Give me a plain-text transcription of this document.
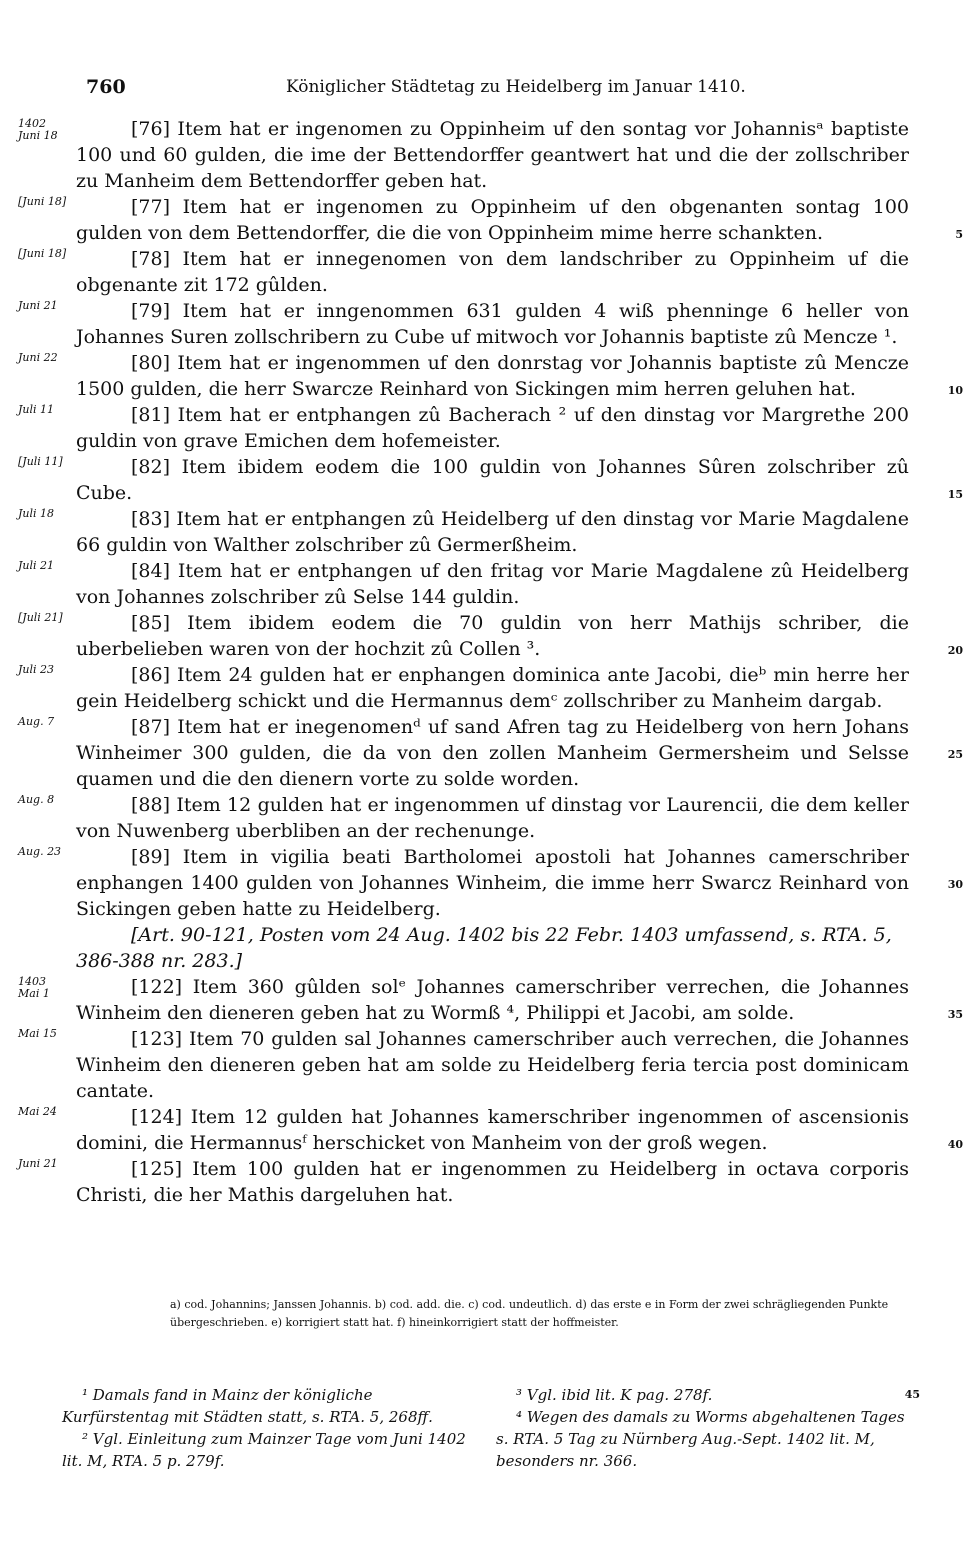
760	Königlicher Städtetag zu Heidelberg im Januar 1410.
1402
Juni 18	[76] Item hat er ingenomen zu Oppinheim uf den sontag vor Johannisᵃ baptiste 100 und 60 gulden, die ime der Bettendorffer geantwert hat und die der zollschriber zu Manheim dem Bettendorffer geben hat.

[Juni 18]	[77] Item hat er ingenomen zu Oppinheim uf den obgenanten sontag 100 gulden von dem Bettendorffer, die die von Oppinheim mime herre schankten.	5
[Juni 18]	[78] Item hat er innegenomen von dem landschriber zu Oppinheim uf die obgenante zit 172 gûlden.

Juni 21	[79] Item hat er inngenommen 631 gulden 4 wiß phenninge 6 heller von Johannes Suren zollschribern zu Cube uf mitwoch vor Johannis baptiste zû Mencze ¹.

Juni 22	[80] Item hat er ingenommen uf den donrstag vor Johannis baptiste zû Mencze 1500 gulden, die herr Swarcze Reinhard von Sickingen mim herren geluhen hat.	10
Juli 11	[81] Item hat er entphangen zû Bacherach ² uf den dinstag vor Margrethe 200 guldin von grave Emichen dem hofemeister.

[Juli 11]	[82] Item ibidem eodem die 100 guldin von Johannes Sûren zolschriber zû Cube.	15
Juli 18	[83] Item hat er entphangen zû Heidelberg uf den dinstag vor Marie Magdalene 66 guldin von Walther zolschriber zû Germerßheim.

Juli 21	[84] Item hat er entphangen uf den fritag vor Marie Magdalene zû Heidelberg von Johannes zolschriber zû Selse 144 guldin.

[Juli 21]	[85] Item ibidem eodem die 70 guldin von herr Mathijs schriber, die uberbelieben waren von der hochzit zû Collen ³.	20
Juli 23	[86] Item 24 gulden hat er enphangen dominica ante Jacobi, dieᵇ min herre her gein Heidelberg schickt und die Hermannus demᶜ zollschriber zu Manheim dargab.

Aug. 7	[87] Item hat er inegenomenᵈ uf sand Afren tag zu Heidelberg von hern Johans Winheimer 300 gulden, die da von den zollen Manheim Germersheim und Selsse quamen und die den dienern vorte zu solde worden.

25
Aug. 8	[88] Item 12 gulden hat er ingenommen uf dinstag vor Laurencii, die dem keller von Nuwenberg uberbliben an der rechenunge.

Aug. 23	[89] Item in vigilia beati Bartholomei apostoli hat Johannes camerschriber enphangen 1400 gulden von Johannes Winheim, die imme herr Swarcz Reinhard von Sickingen geben hatte zu Heidelberg.

30
[Art. 90-121, Posten vom 24 Aug. 1402 bis 22 Febr. 1403 umfassend, s. RTA. 5, 386-388 nr. 283.]
1403
Mai 1	[122] Item 360 gûlden solᵉ Johannes camerschriber verrechen, die Johannes Winheim den dieneren geben hat zu Wormß ⁴, Philippi et Jacobi, am solde.	35
Mai 15	[123] Item 70 gulden sal Johannes camerschriber auch verrechen, die Johannes Winheim den dieneren geben hat am solde zu Heidelberg feria tercia post dominicam cantate.

Mai 24	[124] Item 12 gulden hat Johannes kamerschriber ingenommen of ascensionis domini, die Hermannusᶠ herschicket von Manheim von der groß wegen.	40
Juni 21	[125] Item 100 gulden hat er ingenommen zu Heidelberg in octava corporis Christi, die her Mathis dargeluhen hat.

a) cod. Johannins; Janssen Johannis. b) cod. add. die. c) cod. undeutlich. d) das erste e in Form der zwei schrägliegenden Punkte übergeschrieben. e) korrigiert statt hat. f) hineinkorrigiert statt der hoffmeister.

¹ Damals fand in Mainz der königliche Kurfürstentag mit Städten statt, s. RTA. 5, 268ff.

² Vgl. Einleitung zum Mainzer Tage vom Juni 1402 lit. M, RTA. 5 p. 279f.

³ Vgl. ibid lit. K pag. 278f.

⁴ Wegen des damals zu Worms abgehaltenen Tages s. RTA. 5 Tag zu Nürnberg Aug.-Sept. 1402 lit. M, besonders nr. 366.

45
